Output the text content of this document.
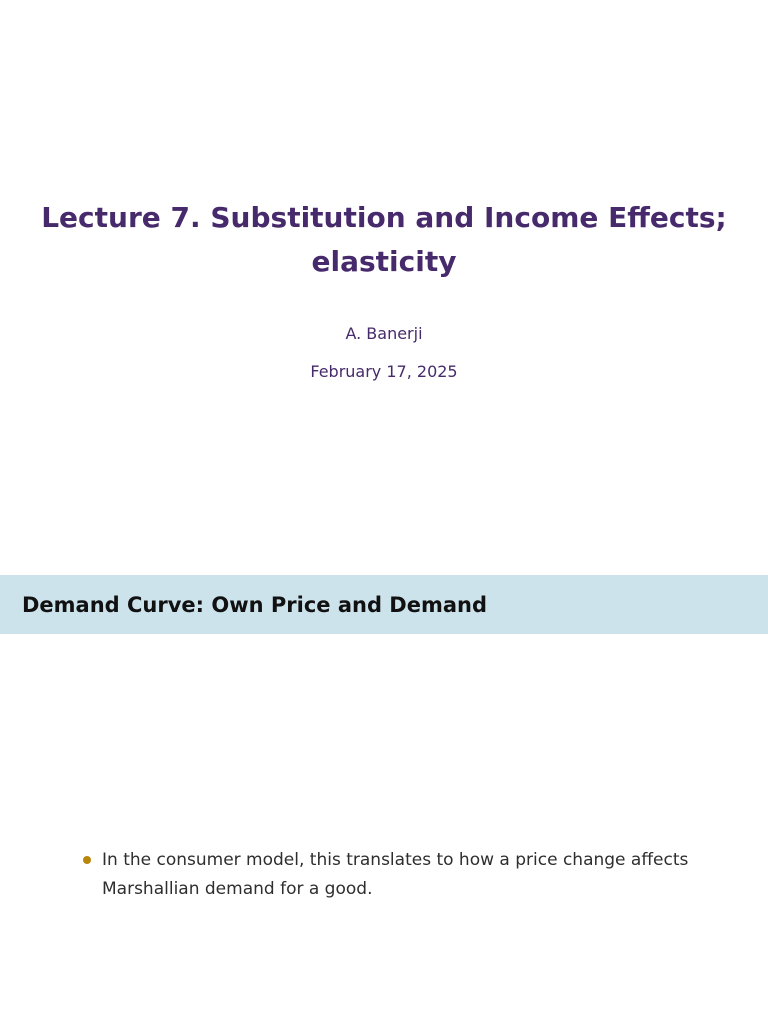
Lecture 7. Substitution and Income Effects;
elasticity
A. Banerji
February 17, 2025
Demand Curve: Own Price and Demand
In the consumer model, this translates to how a price change affects
Marshallian demand for a good.
